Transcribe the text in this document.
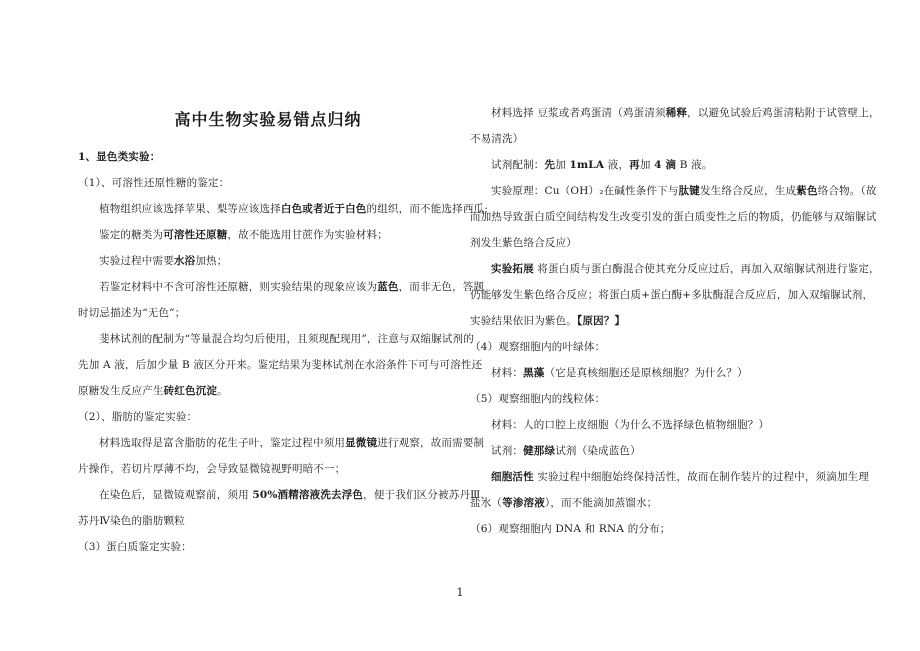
高中生物实验易错点归纳
1、显色类实验：
（1）、可溶性还原性糖的鉴定：
植物组织应该选择苹果、梨等应该选择白色或者近于白色的组织，而不能选择西瓜;
鉴定的糖类为可溶性还原糖，故不能选用甘蔗作为实验材料；
实验过程中需要水浴加热；
若鉴定材料中不含可溶性还原糖，则实验结果的现象应该为蓝色，而非无色，答题
时切忌描述为“无色”；
斐林试剂的配制为“等量混合均匀后使用，且须现配现用”，注意与双缩脲试剂的
先加 A 液，后加少量 B 液区分开来。鉴定结果为斐林试剂在水浴条件下可与可溶性还
原糖发生反应产生砖红色沉淀。
（2）、脂肪的鉴定实验：
材料选取得是富含脂肪的花生子叶，鉴定过程中须用显微镜进行观察，故而需要制
片操作，若切片厚薄不均，会导致显微镜视野明暗不一；
在染色后，显微镜观察前，须用 50%酒精溶液洗去浮色，便于我们区分被苏丹Ⅲ、
苏丹Ⅳ染色的脂肪颗粒
（3）蛋白质鉴定实验：
材料选择 豆浆或者鸡蛋清（鸡蛋清须稀释，以避免试验后鸡蛋清粘附于试管壁上，
不易清洗）
试剂配制：先加 1mLA 液，再加 4 滴 B 液。
实验原理：Cu（OH）₂在碱性条件下与肽键发生络合反应，生成紫色络合物。（故
而加热导致蛋白质空间结构发生改变引发的蛋白质变性之后的物质，仍能够与双缩脲试
剂发生紫色络合反应）
实验拓展 将蛋白质与蛋白酶混合使其充分反应过后，再加入双缩脲试剂进行鉴定，
仍能够发生紫色络合反应；将蛋白质+蛋白酶+多肽酶混合反应后，加入双缩脲试剂，
实验结果依旧为紫色。【原因？】
（4）观察细胞内的叶绿体：
材料：黑藻（它是真核细胞还是原核细胞？为什么？）
（5）观察细胞内的线粒体：
材料：人的口腔上皮细胞（为什么不选择绿色植物细胞？）
试剂：健那绿试剂（染成蓝色）
细胞活性 实验过程中细胞始终保持活性，故而在制作装片的过程中，须滴加生理
盐水（等渗溶液），而不能滴加蒸馏水；
（6）观察细胞内 DNA 和 RNA 的分布；
1
